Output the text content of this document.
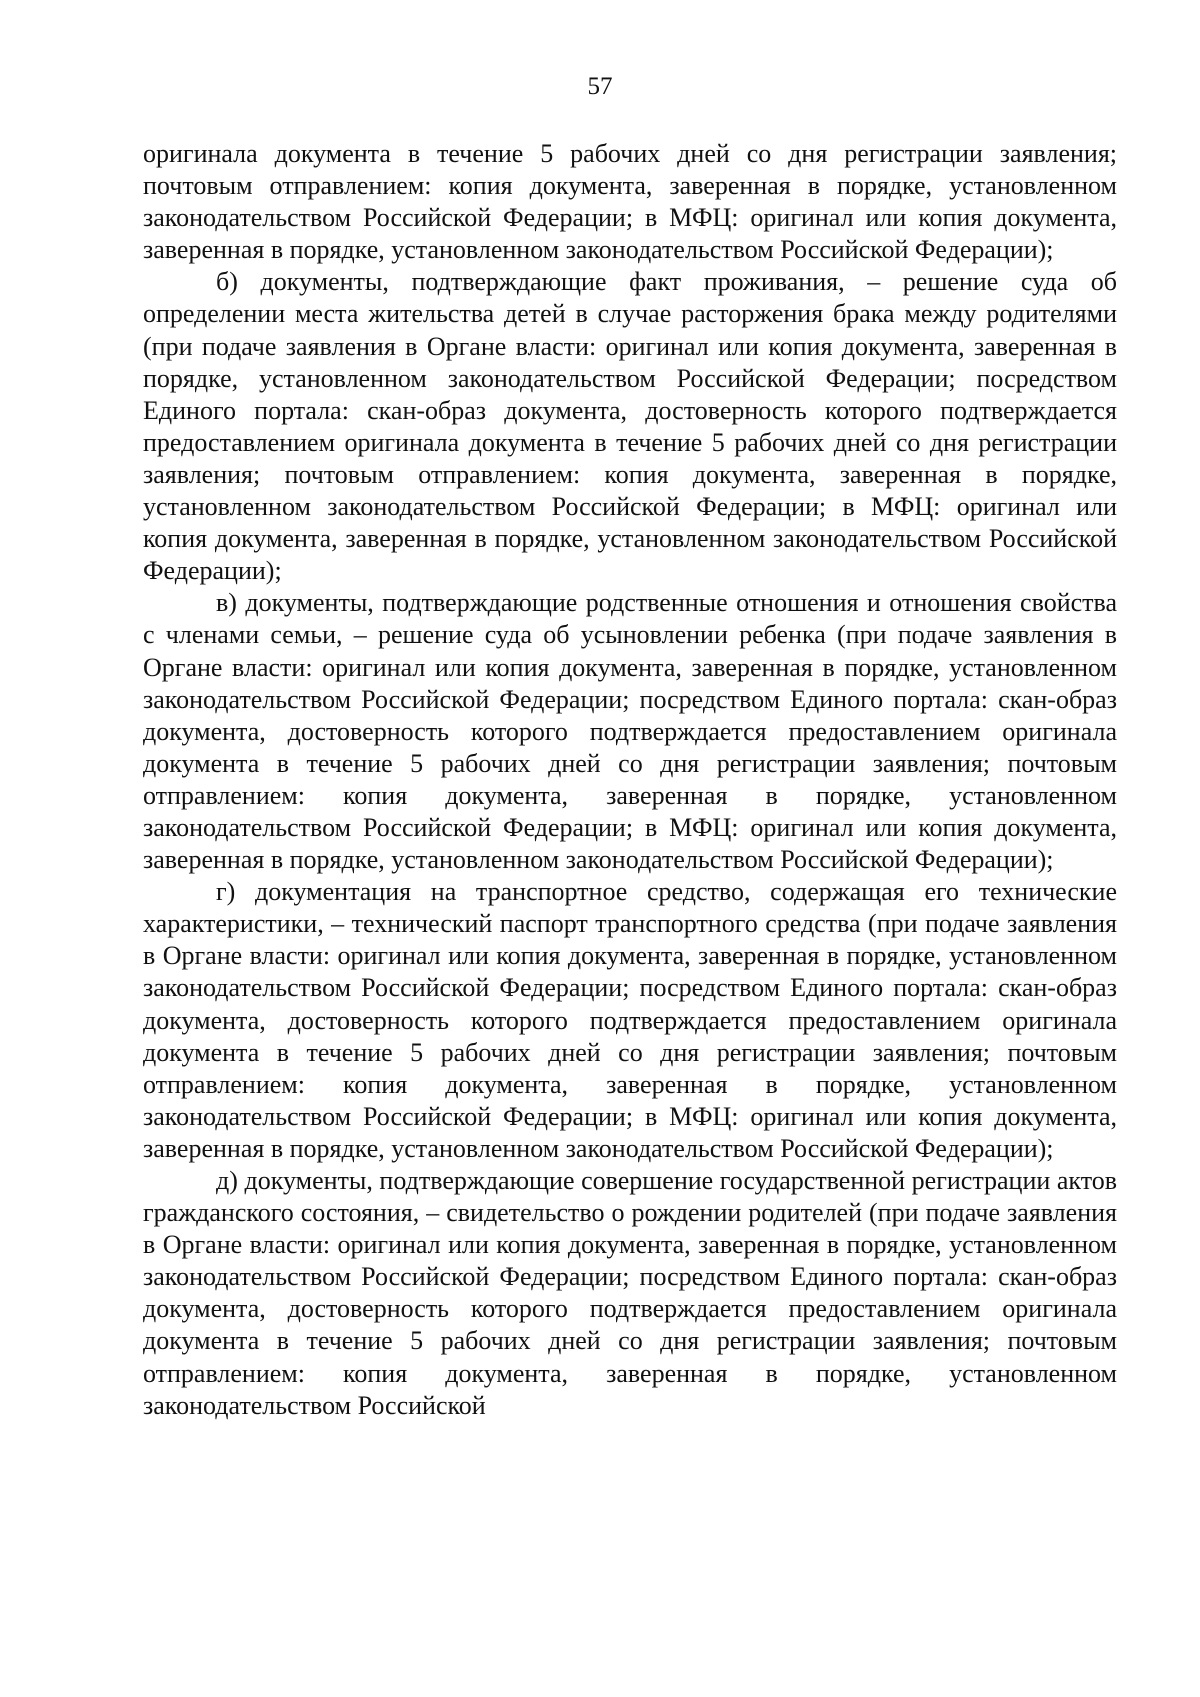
57

оригинала документа в течение 5 рабочих дней со дня регистрации заявления; почтовым отправлением: копия документа, заверенная в порядке, установленном законодательством Российской Федерации; в МФЦ: оригинал или копия документа, заверенная в порядке, установленном законодательством Российской Федерации);

б) документы, подтверждающие факт проживания, – решение суда об определении места жительства детей в случае расторжения брака между родителями (при подаче заявления в Органе власти: оригинал или копия документа, заверенная в порядке, установленном законодательством Российской Федерации; посредством Единого портала: скан-образ документа, достоверность которого подтверждается предоставлением оригинала документа в течение 5 рабочих дней со дня регистрации заявления; почтовым отправлением: копия документа, заверенная в порядке, установленном законодательством Российской Федерации; в МФЦ: оригинал или копия документа, заверенная в порядке, установленном законодательством Российской Федерации);

в) документы, подтверждающие родственные отношения и отношения свойства с членами семьи, – решение суда об усыновлении ребенка (при подаче заявления в Органе власти: оригинал или копия документа, заверенная в порядке, установленном законодательством Российской Федерации; посредством Единого портала: скан-образ документа, достоверность которого подтверждается предоставлением оригинала документа в течение 5 рабочих дней со дня регистрации заявления; почтовым отправлением: копия документа, заверенная в порядке, установленном законодательством Российской Федерации; в МФЦ: оригинал или копия документа, заверенная в порядке, установленном законодательством Российской Федерации);

г) документация на транспортное средство, содержащая его технические характеристики, – технический паспорт транспортного средства (при подаче заявления в Органе власти: оригинал или копия документа, заверенная в порядке, установленном законодательством Российской Федерации; посредством Единого портала: скан-образ документа, достоверность которого подтверждается предоставлением оригинала документа в течение 5 рабочих дней со дня регистрации заявления; почтовым отправлением: копия документа, заверенная в порядке, установленном законодательством Российской Федерации; в МФЦ: оригинал или копия документа, заверенная в порядке, установленном законодательством Российской Федерации);

д) документы, подтверждающие совершение государственной регистрации актов гражданского состояния, – свидетельство о рождении родителей (при подаче заявления в Органе власти: оригинал или копия документа, заверенная в порядке, установленном законодательством Российской Федерации; посредством Единого портала: скан-образ документа, достоверность которого подтверждается предоставлением оригинала документа в течение 5 рабочих дней со дня регистрации заявления; почтовым отправлением: копия документа, заверенная в порядке, установленном законодательством Российской
